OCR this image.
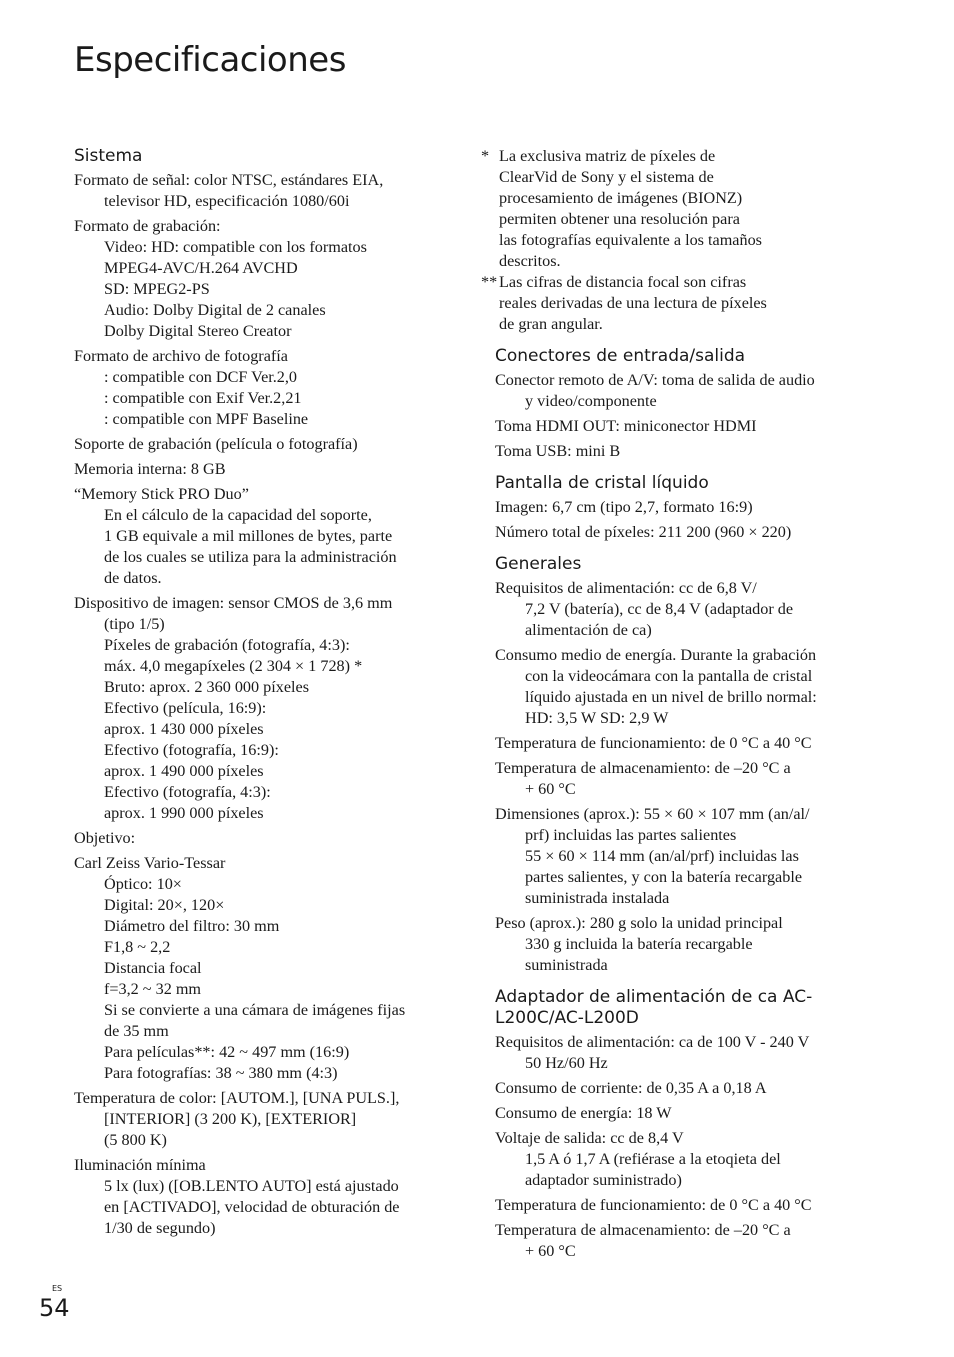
Especificaciones
Sistema
Formato de señal: color NTSC, estándares EIA,
televisor HD, especificación 1080/60i
Formato de grabación:
Video: HD: compatible con los formatos
MPEG4-AVC/H.264 AVCHD
SD: MPEG2-PS
Audio: Dolby Digital de 2 canales
Dolby Digital Stereo Creator
Formato de archivo de fotografía
: compatible con DCF Ver.2,0
: compatible con Exif Ver.2,21
: compatible con MPF Baseline
Soporte de grabación (película o fotografía)
Memoria interna: 8 GB
“Memory Stick PRO Duo”
En el cálculo de la capacidad del soporte,
1 GB equivale a mil millones de bytes, parte
de los cuales se utiliza para la administración
de datos.
Dispositivo de imagen: sensor CMOS de 3,6 mm
(tipo 1/5)
Píxeles de grabación (fotografía, 4:3):
máx. 4,0 megapíxeles (2 304 × 1 728) *
Bruto: aprox. 2 360 000 píxeles
Efectivo (película, 16:9):
aprox. 1 430 000 píxeles
Efectivo (fotografía, 16:9):
aprox. 1 490 000 píxeles
Efectivo (fotografía, 4:3):
aprox. 1 990 000 píxeles
Objetivo:
Carl Zeiss Vario-Tessar
Óptico: 10×
Digital: 20×, 120×
Diámetro del filtro: 30 mm
F1,8 ~ 2,2
Distancia focal
f=3,2 ~ 32 mm
Si se convierte a una cámara de imágenes fijas
de 35 mm
Para películas**: 42 ~ 497 mm (16:9)
Para fotografías: 38 ~ 380 mm (4:3)
Temperatura de color: [AUTOM.], [UNA PULS.],
[INTERIOR] (3 200 K), [EXTERIOR]
(5 800 K)
Iluminación mínima
5 lx (lux) ([OB.LENTO AUTO] está ajustado
en [ACTIVADO], velocidad de obturación de
1/30 de segundo)
* La exclusiva matriz de píxeles de
ClearVid de Sony y el sistema de
procesamiento de imágenes (BIONZ)
permiten obtener una resolución para
las fotografías equivalente a los tamaños
descritos.
** Las cifras de distancia focal son cifras
reales derivadas de una lectura de píxeles
de gran angular.
Conectores de entrada/salida
Conector remoto de A/V: toma de salida de audio
y video/componente
Toma HDMI OUT: miniconector HDMI
Toma USB: mini B
Pantalla de cristal líquido
Imagen: 6,7 cm (tipo 2,7, formato 16:9)
Número total de píxeles: 211 200 (960 × 220)
Generales
Requisitos de alimentación: cc de 6,8 V/
7,2 V (batería), cc de 8,4 V (adaptador de
alimentación de ca)
Consumo medio de energía. Durante la grabación
con la videocámara con la pantalla de cristal
líquido ajustada en un nivel de brillo normal:
HD: 3,5 W SD: 2,9 W
Temperatura de funcionamiento: de 0 °C a 40 °C
Temperatura de almacenamiento: de –20 °C a
+ 60 °C
Dimensiones (aprox.): 55 × 60 × 107 mm (an/al/
prf) incluidas las partes salientes
55 × 60 × 114 mm (an/al/prf) incluidas las
partes salientes, y con la batería recargable
suministrada instalada
Peso (aprox.): 280 g solo la unidad principal
330 g incluida la batería recargable
suministrada
Adaptador de alimentación de ca AC-
L200C/AC-L200D
Requisitos de alimentación: ca de 100 V - 240 V
50 Hz/60 Hz
Consumo de corriente: de 0,35 A a 0,18 A
Consumo de energía: 18 W
Voltaje de salida: cc de 8,4 V
1,5 A ó 1,7 A (refiérase a la etoqieta del
adaptador suministrado)
Temperatura de funcionamiento: de 0 °C a 40 °C
Temperatura de almacenamiento: de –20 °C a
+ 60 °C
ES
54
